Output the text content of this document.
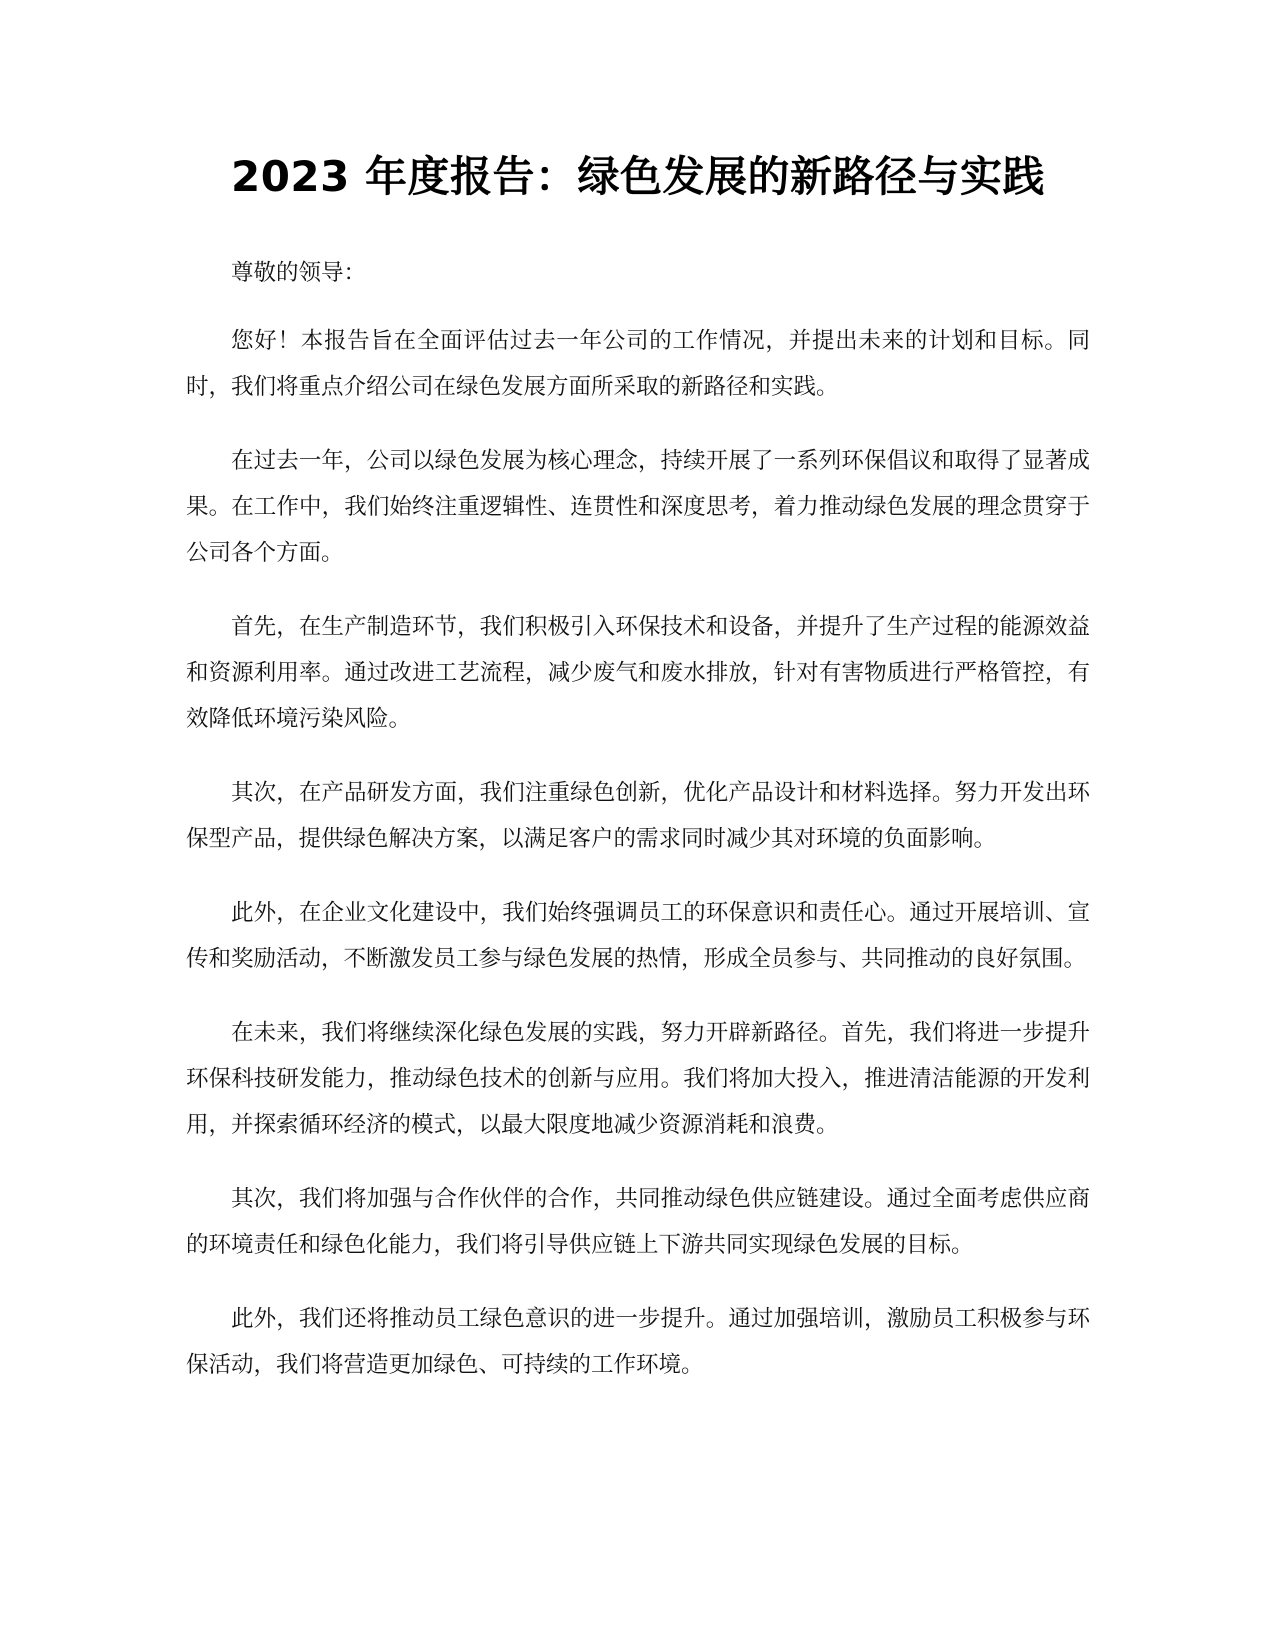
2023 年度报告：绿色发展的新路径与实践

尊敬的领导：

您好！本报告旨在全面评估过去一年公司的工作情况，并提出未来的计划和目标。同时，我们将重点介绍公司在绿色发展方面所采取的新路径和实践。

在过去一年，公司以绿色发展为核心理念，持续开展了一系列环保倡议和取得了显著成果。在工作中，我们始终注重逻辑性、连贯性和深度思考，着力推动绿色发展的理念贯穿于公司各个方面。

首先，在生产制造环节，我们积极引入环保技术和设备，并提升了生产过程的能源效益和资源利用率。通过改进工艺流程，减少废气和废水排放，针对有害物质进行严格管控，有效降低环境污染风险。

其次，在产品研发方面，我们注重绿色创新，优化产品设计和材料选择。努力开发出环保型产品，提供绿色解决方案，以满足客户的需求同时减少其对环境的负面影响。

此外，在企业文化建设中，我们始终强调员工的环保意识和责任心。通过开展培训、宣传和奖励活动，不断激发员工参与绿色发展的热情，形成全员参与、共同推动的良好氛围。

在未来，我们将继续深化绿色发展的实践，努力开辟新路径。首先，我们将进一步提升环保科技研发能力，推动绿色技术的创新与应用。我们将加大投入，推进清洁能源的开发利用，并探索循环经济的模式，以最大限度地减少资源消耗和浪费。

其次，我们将加强与合作伙伴的合作，共同推动绿色供应链建设。通过全面考虑供应商的环境责任和绿色化能力，我们将引导供应链上下游共同实现绿色发展的目标。

此外，我们还将推动员工绿色意识的进一步提升。通过加强培训，激励员工积极参与环保活动，我们将营造更加绿色、可持续的工作环境。
